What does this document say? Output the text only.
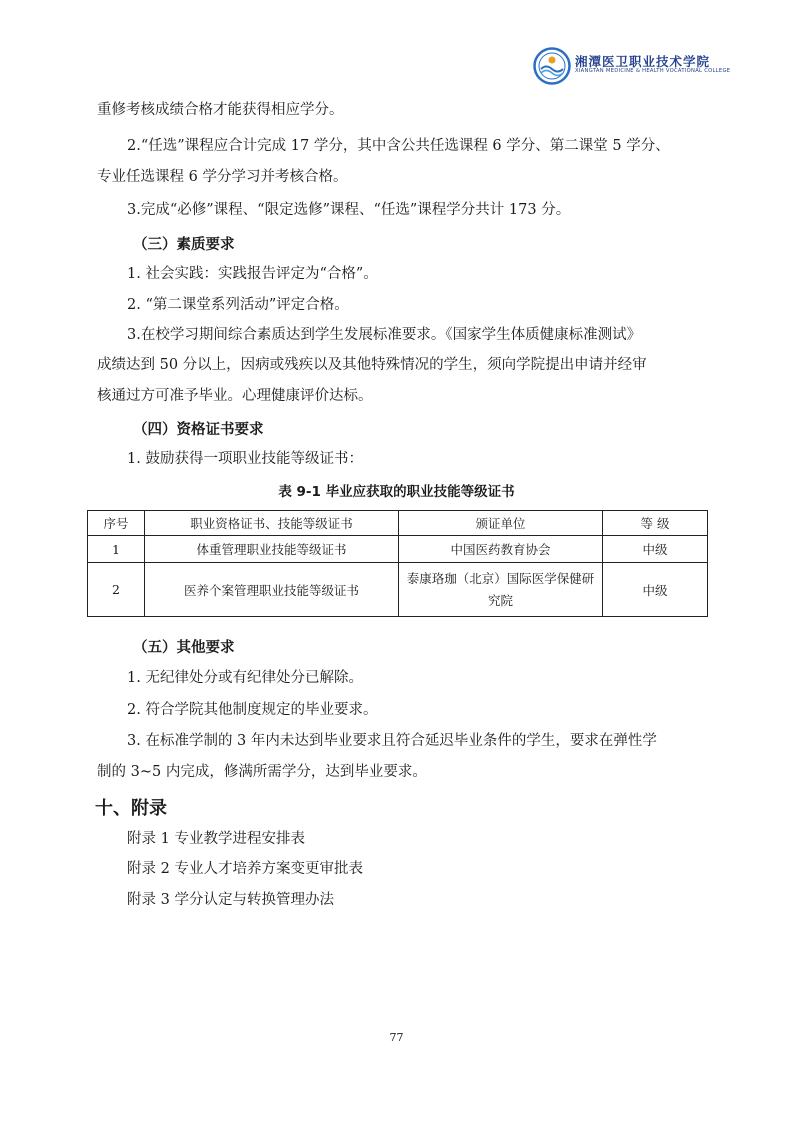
湘潭医卫职业技术学院
XIANGTAN MEDICINE & HEALTH VOCATIONAL COLLEGE
重修考核成绩合格才能获得相应学分。
2.“任选”课程应合计完成 17 学分，其中含公共任选课程 6 学分、第二课堂 5 学分、
专业任选课程 6 学分学习并考核合格。
3.完成“必修”课程、“限定选修”课程、“任选”课程学分共计 173 分。
（三）素质要求
1. 社会实践：实践报告评定为“合格”。
2. “第二课堂系列活动”评定合格。
3.在校学习期间综合素质达到学生发展标准要求。《国家学生体质健康标准测试》
成绩达到 50 分以上，因病或残疾以及其他特殊情况的学生，须向学院提出申请并经审
核通过方可准予毕业。心理健康评价达标。
（四）资格证书要求
1. 鼓励获得一项职业技能等级证书：
表 9-1 毕业应获取的职业技能等级证书
序号	职业资格证书、技能等级证书	颁证单位	等 级
1	体重管理职业技能等级证书	中国医药教育协会	中级
2	医养个案管理职业技能等级证书	泰康珞珈（北京）国际医学保健研究院	中级
（五）其他要求
1. 无纪律处分或有纪律处分已解除。
2. 符合学院其他制度规定的毕业要求。
3. 在标准学制的 3 年内未达到毕业要求且符合延迟毕业条件的学生，要求在弹性学
制的 3~5 内完成，修满所需学分，达到毕业要求。
十、附录
附录 1 专业教学进程安排表
附录 2 专业人才培养方案变更审批表
附录 3 学分认定与转换管理办法
77
